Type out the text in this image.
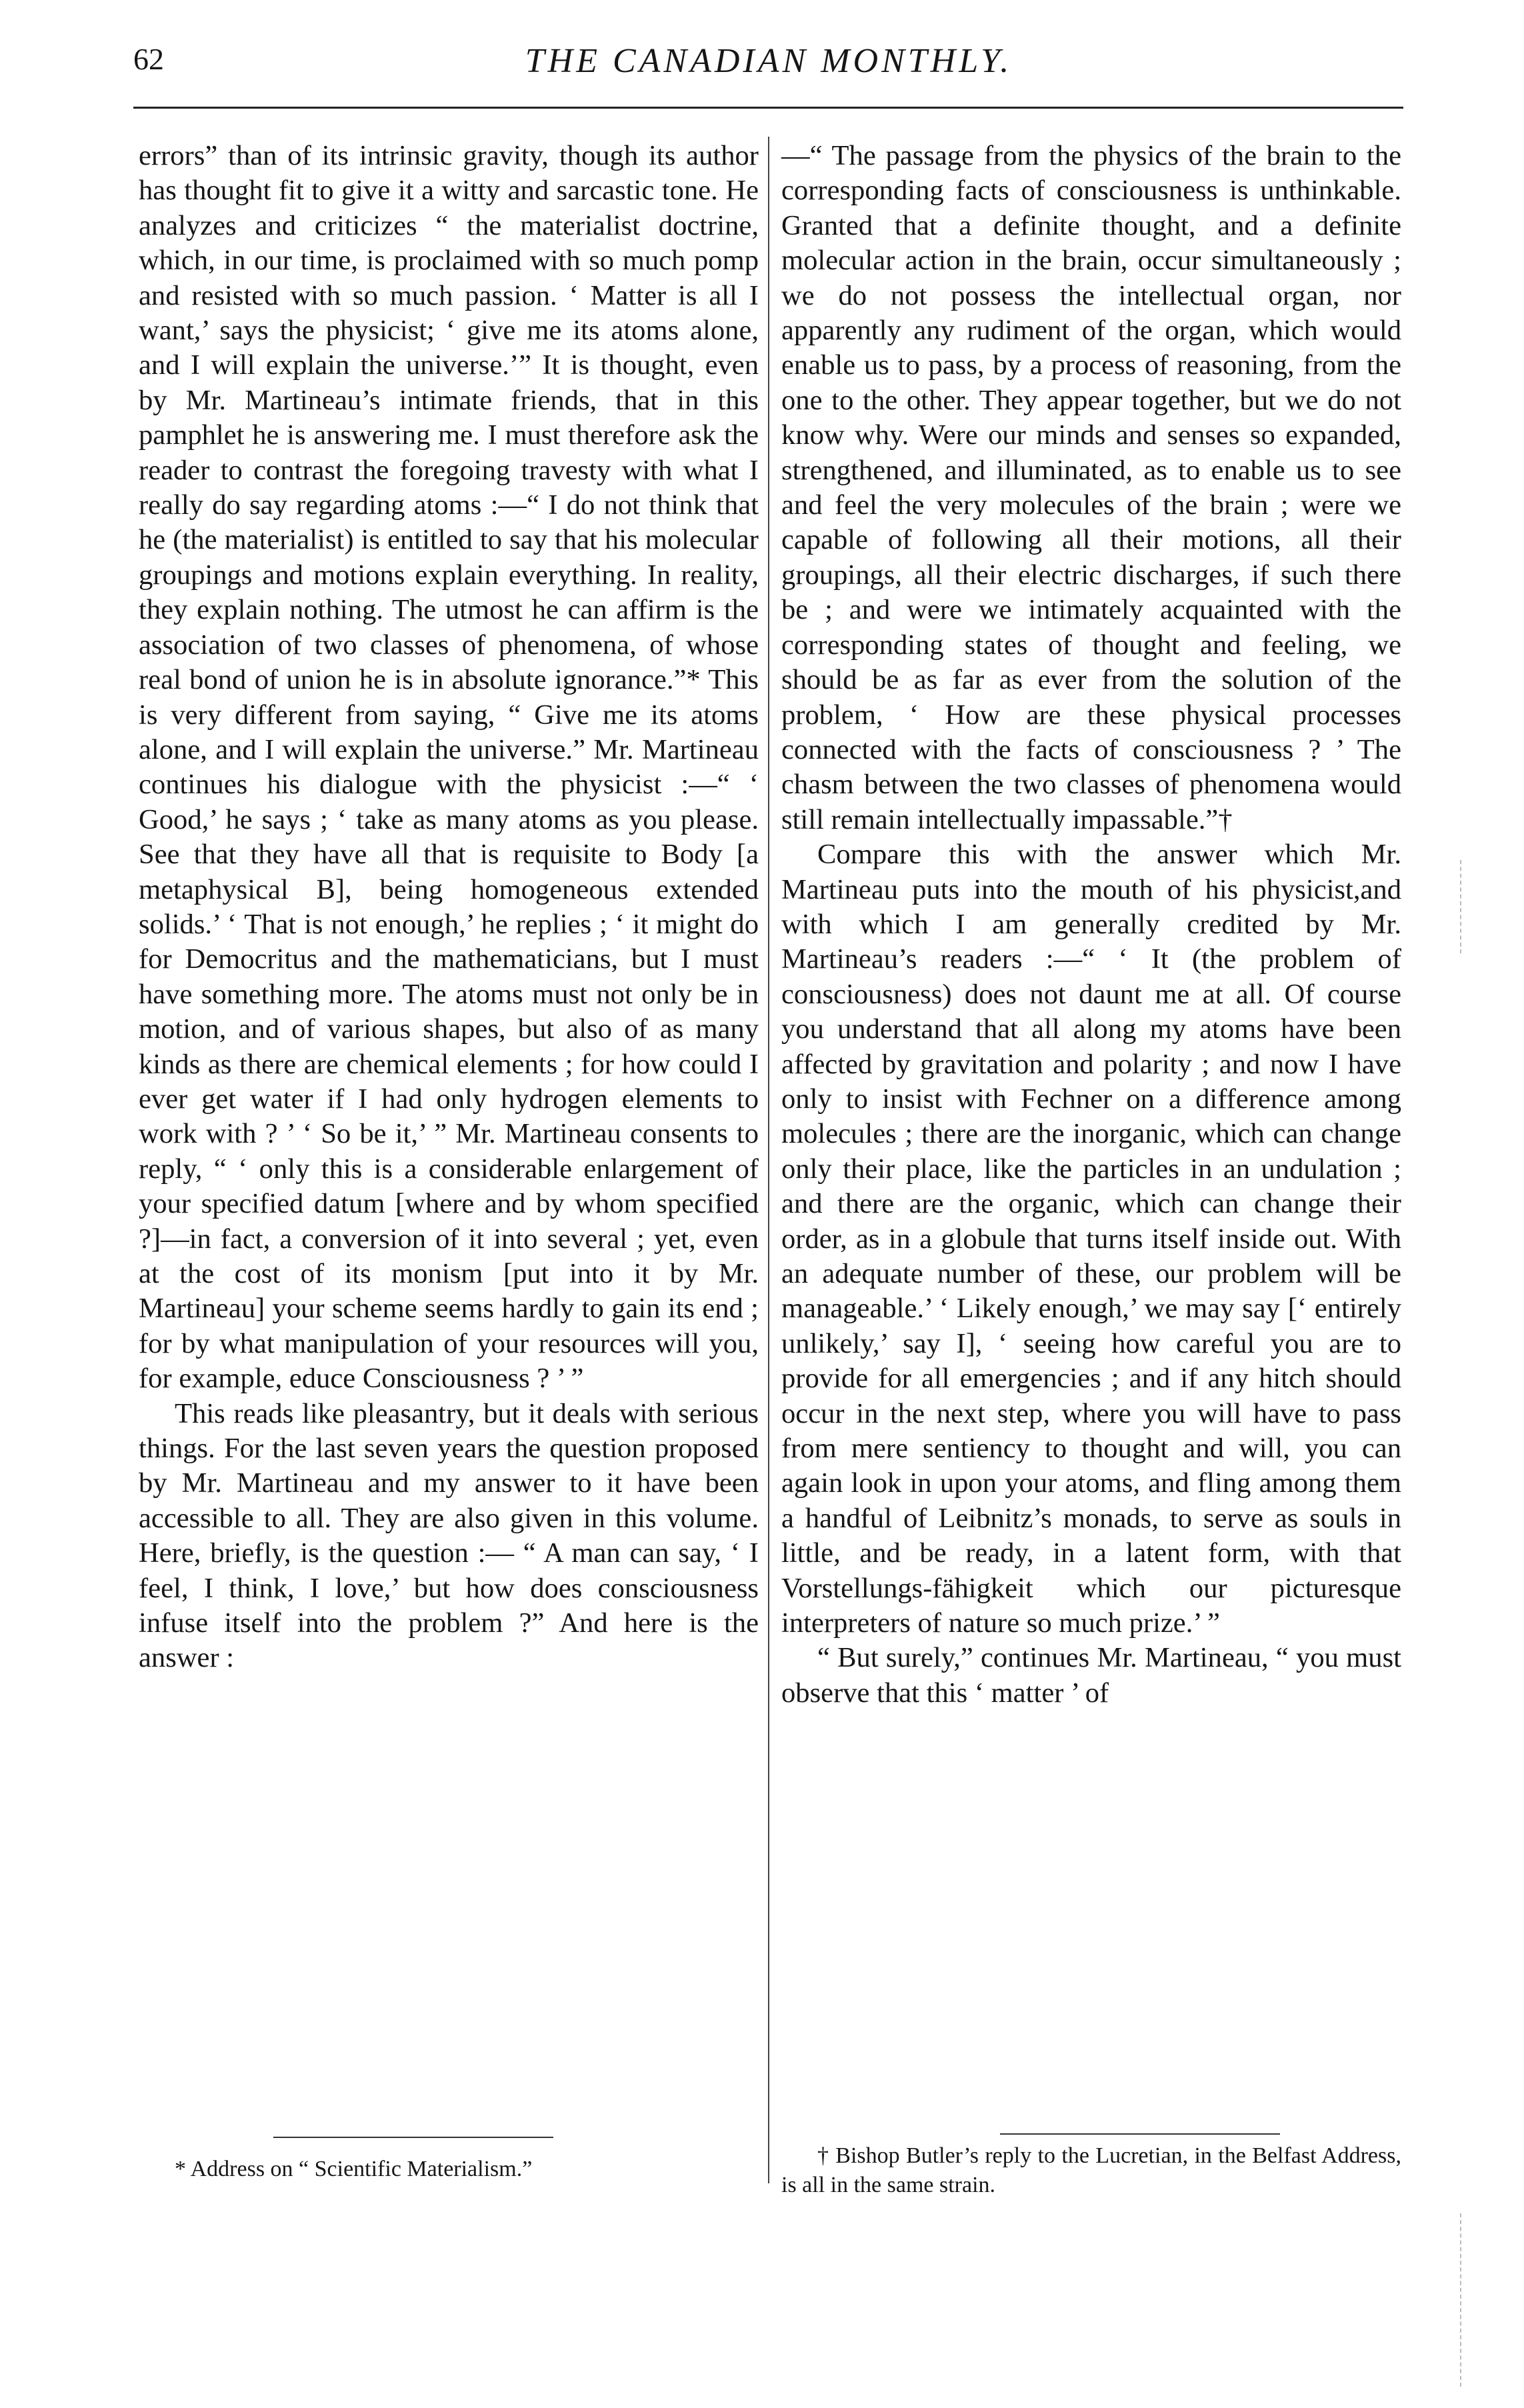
62	THE CANADIAN MONTHLY.

errors” than of its intrinsic gravity, though its author has thought fit to give it a witty and sarcastic tone. He analyzes and criticizes “ the materialist doctrine, which, in our time, is proclaimed with so much pomp and resisted with so much passion. ‘ Matter is all I want,’ says the physicist; ‘ give me its atoms alone, and I will explain the universe.’” It is thought, even by Mr. Martineau’s intimate friends, that in this pamphlet he is answering me. I must therefore ask the reader to contrast the foregoing travesty with what I really do say regarding atoms :—“ I do not think that he (the materialist) is entitled to say that his molecular groupings and motions explain everything. In reality, they explain nothing. The utmost he can affirm is the association of two classes of phenomena, of whose real bond of union he is in absolute ignorance.”* This is very different from saying, “ Give me its atoms alone, and I will explain the universe.” Mr. Martineau continues his dialogue with the physicist :—“ ‘ Good,’ he says ; ‘ take as many atoms as you please. See that they have all that is requisite to Body [a metaphysical B], being homogeneous extended solids.’ ‘ That is not enough,’ he replies ; ‘ it might do for Democritus and the mathematicians, but I must have something more. The atoms must not only be in motion, and of various shapes, but also of as many kinds as there are chemical elements ; for how could I ever get water if I had only hydrogen elements to work with ? ’ ‘ So be it,’ ” Mr. Martineau consents to reply, “ ‘ only this is a considerable enlargement of your specified datum [where and by whom specified ?]—in fact, a conversion of it into several ; yet, even at the cost of its monism [put into it by Mr. Martineau] your scheme seems hardly to gain its end ; for by what manipulation of your resources will you, for example, educe Consciousness ? ’ ”

This reads like pleasantry, but it deals with serious things. For the last seven years the question proposed by Mr. Martineau and my answer to it have been accessible to all. They are also given in this volume. Here, briefly, is the question :— “ A man can say, ‘ I feel, I think, I love,’ but how does consciousness infuse itself into the problem ?” And here is the answer :

—“ The passage from the physics of the brain to the corresponding facts of consciousness is unthinkable. Granted that a definite thought, and a definite molecular action in the brain, occur simultaneously ; we do not possess the intellectual organ, nor apparently any rudiment of the organ, which would enable us to pass, by a process of reasoning, from the one to the other. They appear together, but we do not know why. Were our minds and senses so expanded, strengthened, and illuminated, as to enable us to see and feel the very molecules of the brain ; were we capable of following all their motions, all their groupings, all their electric discharges, if such there be ; and were we intimately acquainted with the corresponding states of thought and feeling, we should be as far as ever from the solution of the problem, ‘ How are these physical processes connected with the facts of consciousness ? ’ The chasm between the two classes of phenomena would still remain intellectually impassable.”†

Compare this with the answer which Mr. Martineau puts into the mouth of his physicist,and with which I am generally credited by Mr. Martineau’s readers :—“ ‘ It (the problem of consciousness) does not daunt me at all. Of course you understand that all along my atoms have been affected by gravitation and polarity ; and now I have only to insist with Fechner on a difference among molecules ; there are the inorganic, which can change only their place, like the particles in an undulation ; and there are the organic, which can change their order, as in a globule that turns itself inside out. With an adequate number of these, our problem will be manageable.’ ‘ Likely enough,’ we may say [‘ entirely unlikely,’ say I], ‘ seeing how careful you are to provide for all emergencies ; and if any hitch should occur in the next step, where you will have to pass from mere sentiency to thought and will, you can again look in upon your atoms, and fling among them a handful of Leibnitz’s monads, to serve as souls in little, and be ready, in a latent form, with that Vorstellungs-fähigkeit which our picturesque interpreters of nature so much prize.’ ”

“ But surely,” continues Mr. Martineau, “ you must observe that this ‘ matter ’ of

* Address on “ Scientific Materialism.”
† Bishop Butler’s reply to the Lucretian, in the Belfast Address, is all in the same strain.
